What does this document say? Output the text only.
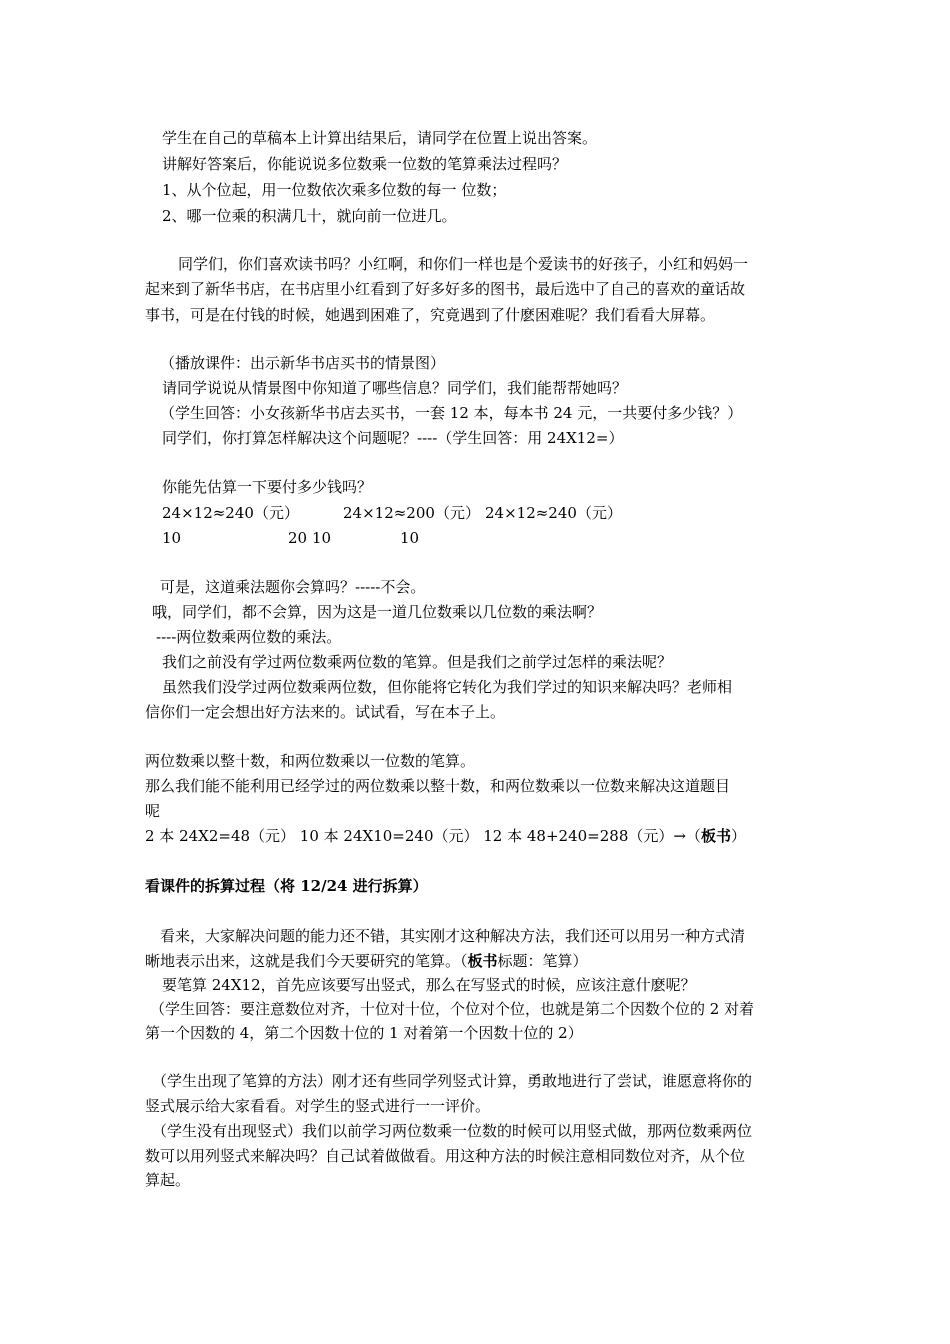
学生在自己的草稿本上计算出结果后，请同学在位置上说出答案。
讲解好答案后，你能说说多位数乘一位数的笔算乘法过程吗？
1、从个位起，用一位数依次乘多位数的每一 位数；
2、哪一位乘的积满几十，就向前一位进几。
同学们，你们喜欢读书吗？小红啊，和你们一样也是个爱读书的好孩子，小红和妈妈一
起来到了新华书店，在书店里小红看到了好多好多的图书，最后选中了自己的喜欢的童话故
事书，可是在付钱的时候，她遇到困难了，究竟遇到了什麽困难呢？我们看看大屏幕。
（播放课件：出示新华书店买书的情景图）
请同学说说从情景图中你知道了哪些信息？同学们，我们能帮帮她吗？
（学生回答：小女孩新华书店去买书，一套 12 本，每本书 24 元，一共要付多少钱？）
同学们，你打算怎样解决这个问题呢？----（学生回答：用 24X12=）
你能先估算一下要付多少钱吗？
24×12≈240（元）	24×12≈200（元） 24×12≈240（元）
10	20 10	10
可是，这道乘法题你会算吗？-----不会。
哦，同学们，都不会算，因为这是一道几位数乘以几位数的乘法啊？
----两位数乘两位数的乘法。
我们之前没有学过两位数乘两位数的笔算。但是我们之前学过怎样的乘法呢？
虽然我们没学过两位数乘两位数，但你能将它转化为我们学过的知识来解决吗？老师相
信你们一定会想出好方法来的。试试看，写在本子上。
两位数乘以整十数，和两位数乘以一位数的笔算。
那么我们能不能利用已经学过的两位数乘以整十数，和两位数乘以一位数来解决这道题目
呢
2 本 24X2=48（元） 10 本 24X10=240（元） 12 本 48+240=288（元）→（板书）
看课件的拆算过程（将 12/24 进行拆算）
看来，大家解决问题的能力还不错，其实刚才这种解决方法，我们还可以用另一种方式清
晰地表示出来，这就是我们今天要研究的笔算。（板书标题：笔算）
要笔算 24X12，首先应该要写出竖式，那么在写竖式的时候，应该注意什麽呢？
（学生回答：要注意数位对齐，十位对十位，个位对个位，也就是第二个因数个位的 2 对着
第一个因数的 4，第二个因数十位的 1 对着第一个因数十位的 2）
（学生出现了笔算的方法）刚才还有些同学列竖式计算，勇敢地进行了尝试，谁愿意将你的
竖式展示给大家看看。对学生的竖式进行一一评价。
（学生没有出现竖式）我们以前学习两位数乘一位数的时候可以用竖式做，那两位数乘两位
数可以用列竖式来解决吗？自己试着做做看。用这种方法的时候注意相同数位对齐，从个位
算起。
